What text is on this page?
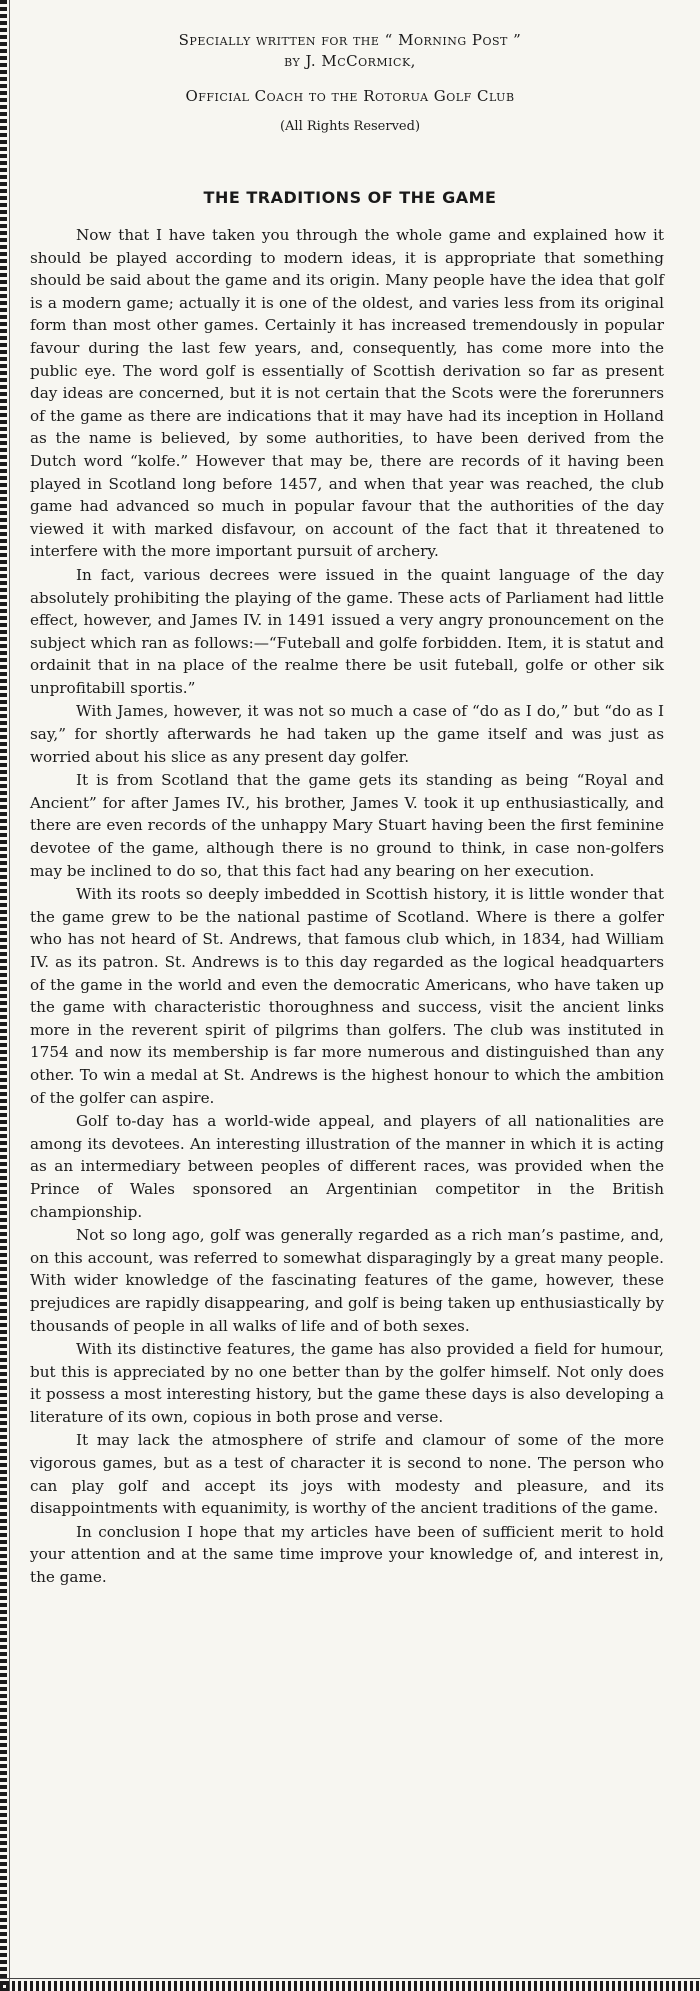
Specially written for the “ Morning Post ”

by J. McCormick,

Official Coach to the Rotorua Golf Club

(All Rights Reserved)

THE TRADITIONS OF THE GAME

Now that I have taken you through the whole game and explained how it should be played according to modern ideas, it is appropriate that something should be said about the game and its origin. Many people have the idea that golf is a modern game; actually it is one of the oldest, and varies less from its original form than most other games. Certainly it has increased tremendously in popular favour during the last few years, and, consequently, has come more into the public eye. The word golf is essentially of Scottish derivation so far as present day ideas are concerned, but it is not certain that the Scots were the forerunners of the game as there are indications that it may have had its inception in Holland as the name is believed, by some authorities, to have been derived from the Dutch word “kolfe.” However that may be, there are records of it having been played in Scotland long before 1457, and when that year was reached, the club game had advanced so much in popular favour that the authorities of the day viewed it with marked disfavour, on account of the fact that it threatened to interfere with the more important pursuit of archery.

In fact, various decrees were issued in the quaint language of the day absolutely prohibiting the playing of the game. These acts of Parliament had little effect, however, and James IV. in 1491 issued a very angry pronouncement on the subject which ran as follows:—“Futeball and golfe forbidden. Item, it is statut and ordainit that in na place of the realme there be usit futeball, golfe or other sik unprofitabill sportis.”

With James, however, it was not so much a case of “do as I do,” but “do as I say,” for shortly afterwards he had taken up the game itself and was just as worried about his slice as any present day golfer.

It is from Scotland that the game gets its standing as being “Royal and Ancient” for after James IV., his brother, James V. took it up enthusiastically, and there are even records of the unhappy Mary Stuart having been the first feminine devotee of the game, although there is no ground to think, in case non-golfers may be inclined to do so, that this fact had any bearing on her execution.

With its roots so deeply imbedded in Scottish history, it is little wonder that the game grew to be the national pastime of Scotland. Where is there a golfer who has not heard of St. Andrews, that famous club which, in 1834, had William IV. as its patron. St. Andrews is to this day regarded as the logical headquarters of the game in the world and even the democratic Americans, who have taken up the game with characteristic thoroughness and success, visit the ancient links more in the reverent spirit of pilgrims than golfers. The club was instituted in 1754 and now its membership is far more numerous and distinguished than any other. To win a medal at St. Andrews is the highest honour to which the ambition of the golfer can aspire.

Golf to-day has a world-wide appeal, and players of all nationalities are among its devotees. An interesting illustration of the manner in which it is acting as an intermediary between peoples of different races, was provided when the Prince of Wales sponsored an Argentinian competitor in the British championship.

Not so long ago, golf was generally regarded as a rich man’s pastime, and, on this account, was referred to somewhat disparagingly by a great many people. With wider knowledge of the fascinating features of the game, however, these prejudices are rapidly disappearing, and golf is being taken up enthusiastically by thousands of people in all walks of life and of both sexes.

With its distinctive features, the game has also provided a field for humour, but this is appreciated by no one better than by the golfer himself. Not only does it possess a most interesting history, but the game these days is also developing a literature of its own, copious in both prose and verse.

It may lack the atmosphere of strife and clamour of some of the more vigorous games, but as a test of character it is second to none. The person who can play golf and accept its joys with modesty and pleasure, and its disappointments with equanimity, is worthy of the ancient traditions of the game.

In conclusion I hope that my articles have been of sufficient merit to hold your attention and at the same time improve your knowledge of, and interest in, the game.
